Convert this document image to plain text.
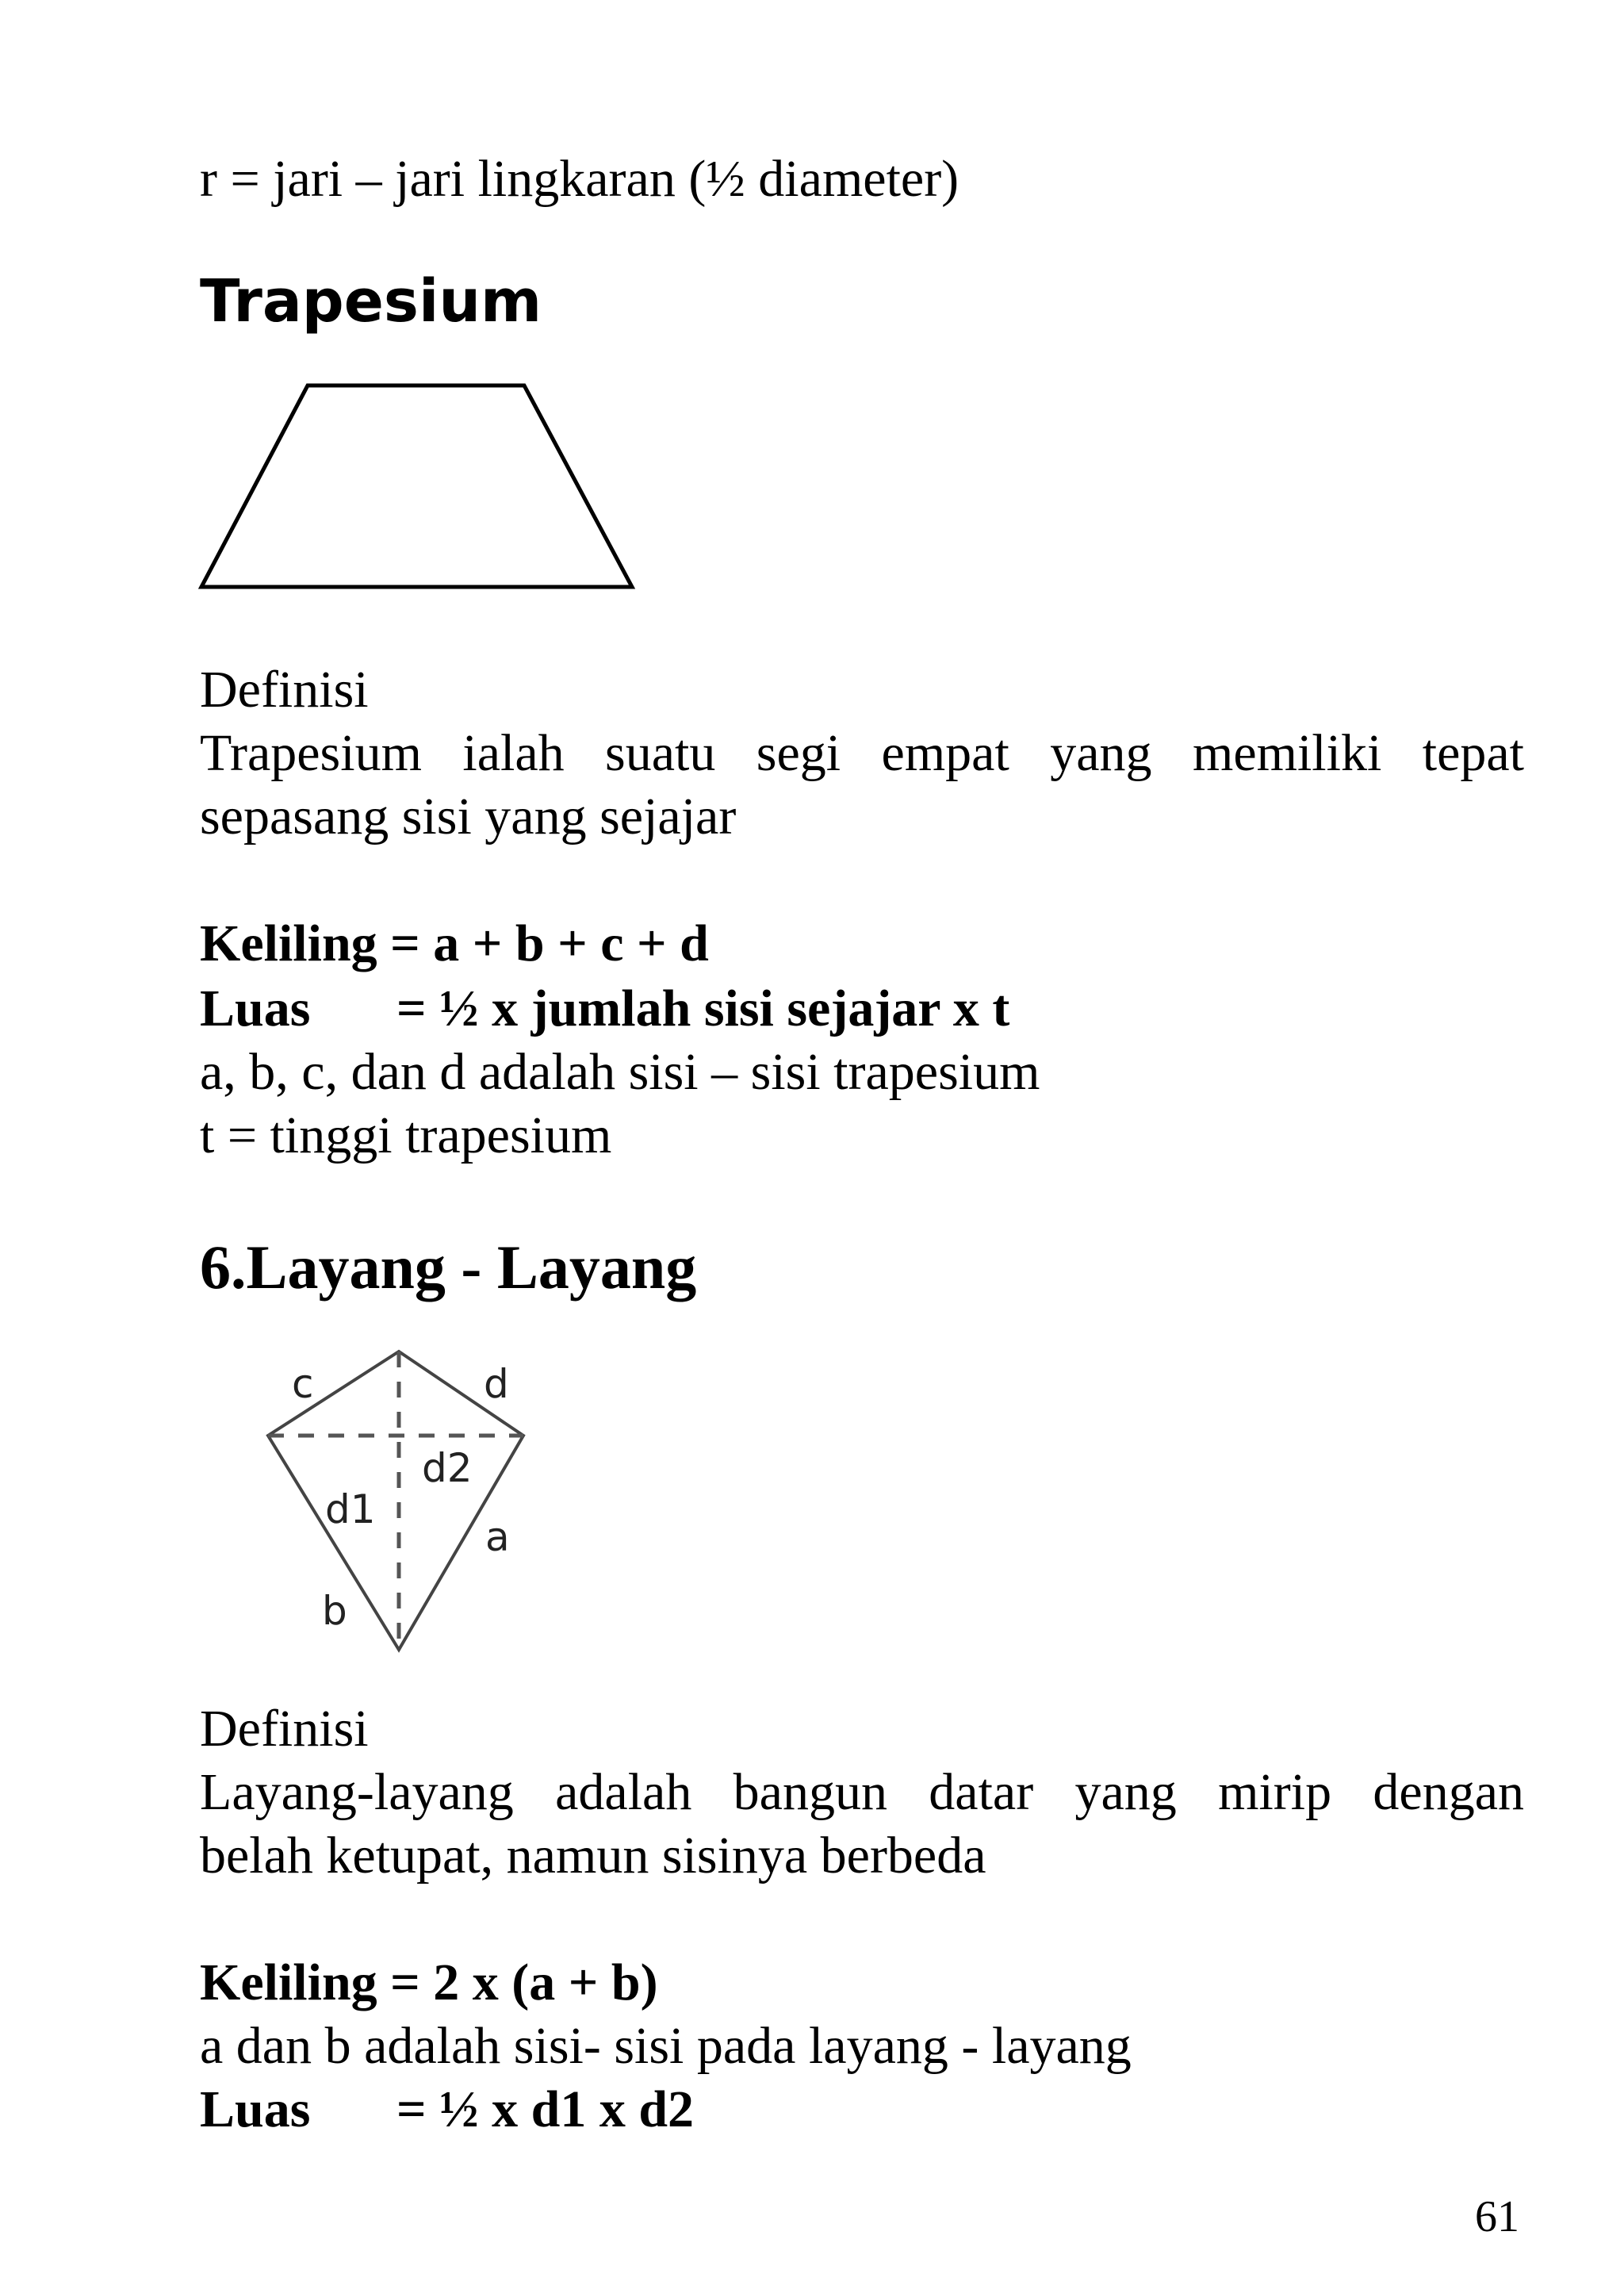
r = jari – jari lingkaran (½ diameter)
Trapesium
Definisi
Trapesium ialah suatu segi empat yang memiliki tepat
sepasang sisi yang sejajar
Keliling = a + b + c + d
Luas = ½ x jumlah sisi sejajar x t
a, b, c, dan d adalah sisi – sisi trapesium
t = tinggi trapesium
6.Layang - Layang
c	d
d2
d1
a
b
Definisi
Layang-layang adalah bangun datar yang mirip dengan
belah ketupat, namun sisinya berbeda
Keliling = 2 x (a + b)
a dan b adalah sisi- sisi pada layang - layang
Luas = ½ x d1 x d2
61
